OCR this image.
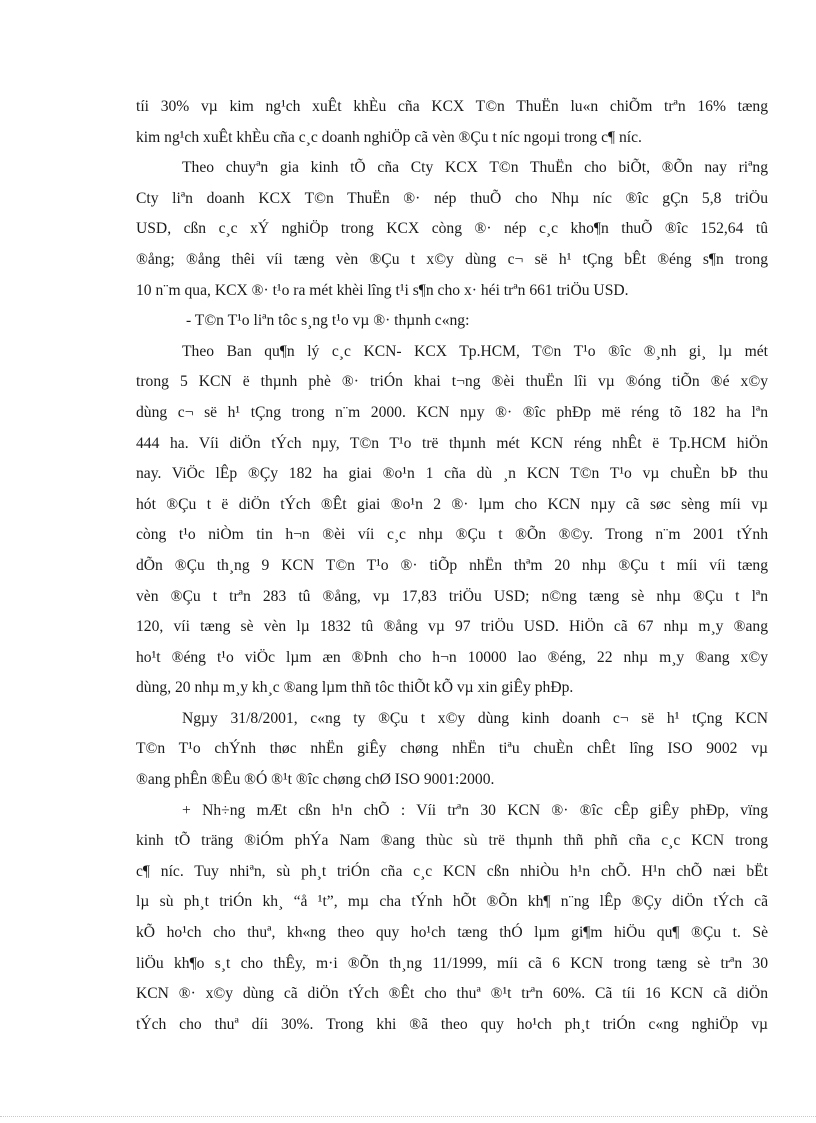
tíi 30% vµ kim ng¹ch xuÊt khÈu cña KCX T©n ThuËn lu«n chiÕm trªn 16% tæng
kim ng¹ch xuÊt khÈu cña c¸c doanh nghiÖp cã vèn ®Çu t níc ngoµi trong c¶ níc.
Theo chuyªn gia kinh tÕ cña Cty KCX T©n ThuËn cho biÕt, ®Õn nay riªng
Cty liªn doanh KCX T©n ThuËn ®· nép thuÕ cho Nhµ níc ®îc gÇn 5,8 triÖu
USD, cßn c¸c xÝ nghiÖp trong KCX còng ®· nép c¸c kho¶n thuÕ ®îc 152,64 tû
®ång; ®ång thêi víi tæng vèn ®Çu t x©y dùng c¬ së h¹ tÇng bÊt ®éng s¶n trong
10 n¨m qua, KCX ®· t¹o ra mét khèi lîng t¹i s¶n cho x· héi trªn 661 triÖu USD.
- T©n T¹o liªn tôc s¸ng t¹o vµ ®· thµnh c«ng:
Theo Ban qu¶n lý c¸c KCN- KCX Tp.HCM, T©n T¹o ®îc ®¸nh gi¸ lµ mét
trong 5 KCN ë thµnh phè ®· triÓn khai t¬ng ®èi thuËn lîi vµ ®óng tiÕn ®é x©y
dùng c¬ së h¹ tÇng trong n¨m 2000. KCN nµy ®· ®îc phÐp më réng tõ 182 ha lªn
444 ha. Víi diÖn tÝch nµy, T©n T¹o trë thµnh mét KCN réng nhÊt ë Tp.HCM hiÖn
nay. ViÖc lÊp ®Çy 182 ha giai ®o¹n 1 cña dù ¸n KCN T©n T¹o vµ chuÈn bÞ thu
hót ®Çu t ë diÖn tÝch ®Êt giai ®o¹n 2 ®· lµm cho KCN nµy cã søc sèng míi vµ
còng t¹o niÒm tin h¬n ®èi víi c¸c nhµ ®Çu t ®Õn ®©y. Trong n¨m 2001 tÝnh
dÕn ®Çu th¸ng 9 KCN T©n T¹o ®· tiÕp nhËn thªm 20 nhµ ®Çu t míi víi tæng
vèn ®Çu t trªn 283 tû ®ång, vµ 17,83 triÖu USD; n©ng tæng sè nhµ ®Çu t lªn
120, víi tæng sè vèn lµ 1832 tû ®ång vµ 97 triÖu USD. HiÖn cã 67 nhµ m¸y ®ang
ho¹t ®éng t¹o viÖc lµm æn ®Þnh cho h¬n 10000 lao ®éng, 22 nhµ m¸y ®ang x©y
dùng, 20 nhµ m¸y kh¸c ®ang lµm thñ tôc thiÕt kÕ vµ xin giÊy phÐp.
Ngµy 31/8/2001, c«ng ty ®Çu t x©y dùng kinh doanh c¬ së h¹ tÇng KCN
T©n T¹o chÝnh thøc nhËn giÊy chøng nhËn tiªu chuÈn chÊt lîng ISO 9002 vµ
®ang phÊn ®Êu ®Ó ®¹t ®îc chøng chØ ISO 9001:2000.
+ Nh÷ng mÆt cßn h¹n chÕ : Víi trªn 30 KCN ®· ®îc cÊp giÊy phÐp, vïng
kinh tÕ träng ®iÓm phÝa Nam ®ang thùc sù trë thµnh thñ phñ cña c¸c KCN trong
c¶ níc. Tuy nhiªn, sù ph¸t triÓn cña c¸c KCN cßn nhiÒu h¹n chÕ. H¹n chÕ næi bËt
lµ sù ph¸t triÓn kh¸ “å ¹t”, mµ cha tÝnh hÕt ®Õn kh¶ n¨ng lÊp ®Çy diÖn tÝch cã
kÕ ho¹ch cho thuª, kh«ng theo quy ho¹ch tæng thÓ lµm gi¶m hiÖu qu¶ ®Çu t. Sè
liÖu kh¶o s¸t cho thÊy, m·i ®Õn th¸ng 11/1999, míi cã 6 KCN trong tæng sè trªn 30
KCN ®· x©y dùng cã diÖn tÝch ®Êt cho thuª ®¹t trªn 60%. Cã tíi 16 KCN cã diÖn
tÝch cho thuª díi 30%. Trong khi ®ã theo quy ho¹ch ph¸t triÓn c«ng nghiÖp vµ
